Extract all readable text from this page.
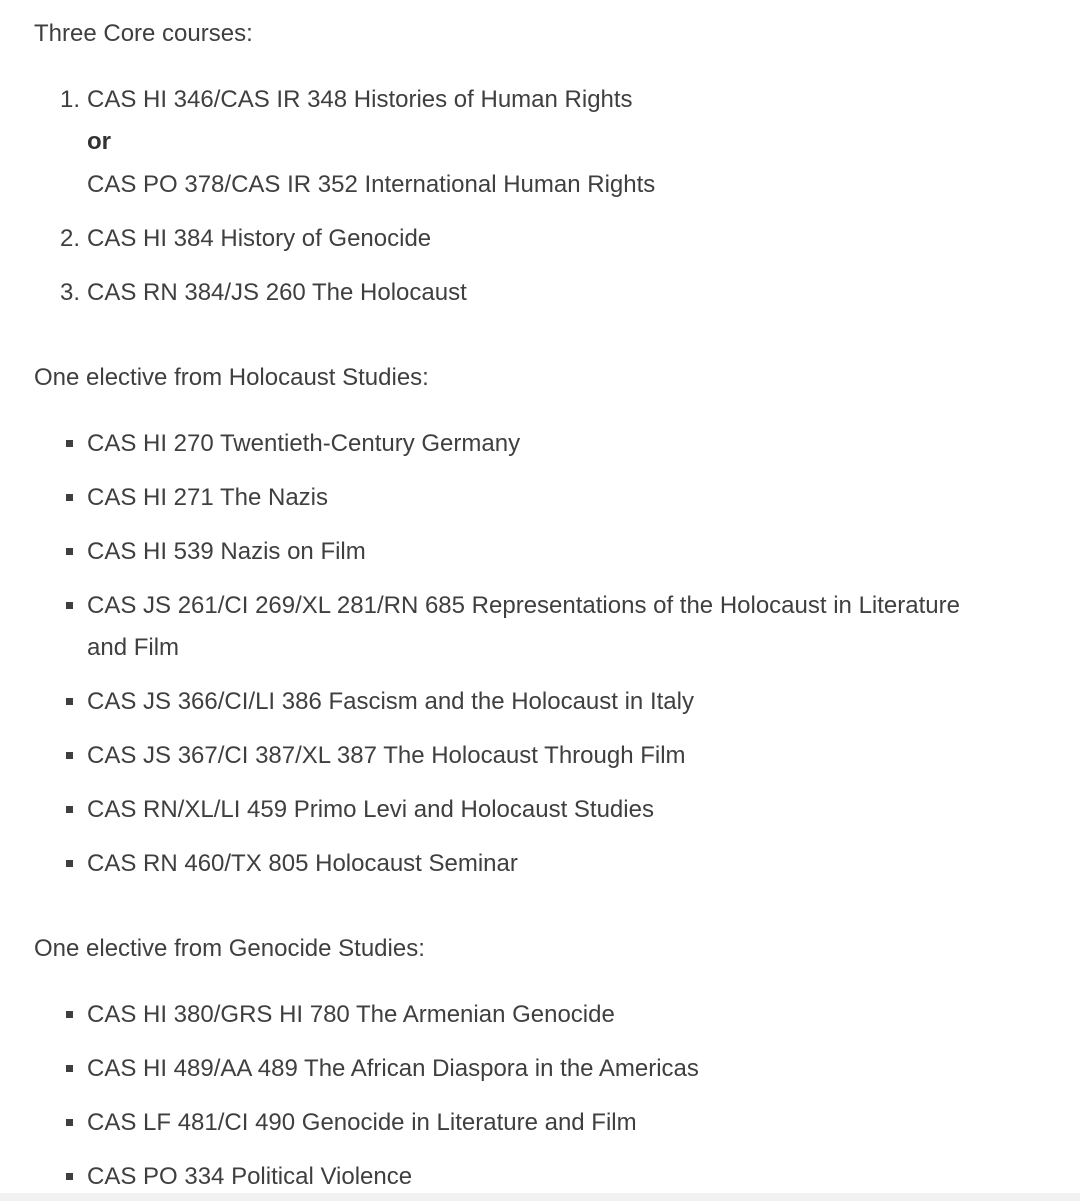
Three Core courses:
1. CAS HI 346/CAS IR 348 Histories of Human Rights

or

CAS PO 378/CAS IR 352 International Human Rights

2. CAS HI 384 History of Genocide

3. CAS RN 384/JS 260 The Holocaust

One elective from Holocaust Studies:

CAS HI 270 Twentieth-Century Germany

CAS HI 271 The Nazis

CAS HI 539 Nazis on Film

CAS JS 261/CI 269/XL 281/RN 685 Representations of the Holocaust in Literature

and Film

CAS JS 366/CI/LI 386 Fascism and the Holocaust in Italy

CAS JS 367/CI 387/XL 387 The Holocaust Through Film

CAS RN/XL/LI 459 Primo Levi and Holocaust Studies

CAS RN 460/TX 805 Holocaust Seminar

One elective from Genocide Studies:

CAS HI 380/GRS HI 780 The Armenian Genocide

CAS HI 489/AA 489 The African Diaspora in the Americas

CAS LF 481/CI 490 Genocide in Literature and Film

CAS PO 334 Political Violence
